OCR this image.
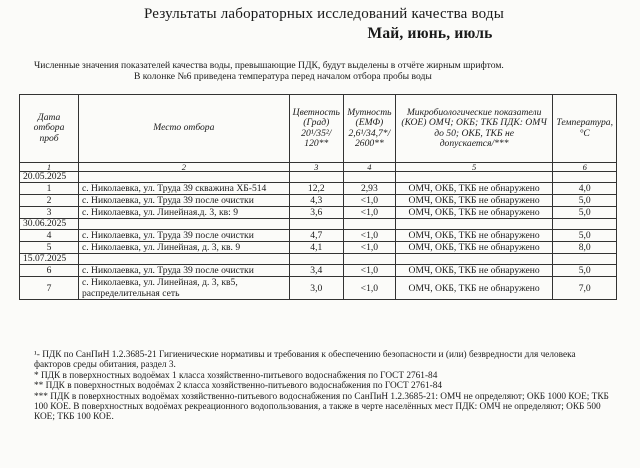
Результаты лабораторных исследований качества воды
Май, июнь, июль
Численные значения показателей качества воды, превышающие ПДК, будут выделены в отчёте жирным шрифтом.
В колонке №6 приведена температура перед началом отбора пробы воды
Дата отбора проб	Место отбора	Цветность (Град) 20¹/35²/ 120**	Мутность (ЕМФ) 2,6¹/34,7*/ 2600**	Микробиологические показатели (КОЕ) ОМЧ; ОКБ; ТКБ ПДК: ОМЧ до 50; ОКБ, ТКБ не допускается/***	Температура, °С
1	2	3	4	5	6
20.05.2025					
1	с. Николаевка, ул. Труда 39 скважина ХБ-514	12,2	2,93	ОМЧ, ОКБ, ТКБ не обнаружено	4,0
2	с. Николаевка, ул. Труда 39 после очистки	4,3	<1,0	ОМЧ, ОКБ, ТКБ не обнаружено	5,0
3	с. Николаевка, ул. Линейная.д. 3, кв: 9	3,6	<1,0	ОМЧ, ОКБ, ТКБ не обнаружено	5,0
30.06.2025					
4	с. Николаевка, ул. Труда 39 после очистки	4,7	<1,0	ОМЧ, ОКБ, ТКБ не обнаружено	5,0
5	с. Николаевка, ул. Линейная, д. 3, кв. 9	4,1	<1,0	ОМЧ, ОКБ, ТКБ не обнаружено	8,0
15.07.2025					
6	с. Николаевка, ул. Труда 39 после очистки	3,4	<1,0	ОМЧ, ОКБ, ТКБ не обнаружено	5,0
7	с. Николаевка, ул. Линейная, д. 3, кв5, распределительная сеть	3,0	<1,0	ОМЧ, ОКБ, ТКБ не обнаружено	7,0

¹- ПДК по СанПиН 1.2.3685-21 Гигиенические нормативы и требования к обеспечению безопасности и (или) безвредности для человека факторов среды обитания, раздел 3.

* ПДК в поверхностных водоёмах 1 класса хозяйственно-питьевого водоснабжения по ГОСТ 2761-84

** ПДК в поверхностных водоёмах 2 класса хозяйственно-питьевого водоснабжения по ГОСТ 2761-84

*** ПДК в поверхностных водоёмах хозяйственно-питьевого водоснабжения по СанПиН 1.2.3685-21: ОМЧ не определяют; ОКБ 1000 КОЕ; ТКБ 100 КОЕ. В поверхностных водоёмах рекреационного водопользования, а также в черте населённых мест ПДК: ОМЧ не определяют; ОКБ 500 КОЕ; ТКБ 100 КОЕ.
